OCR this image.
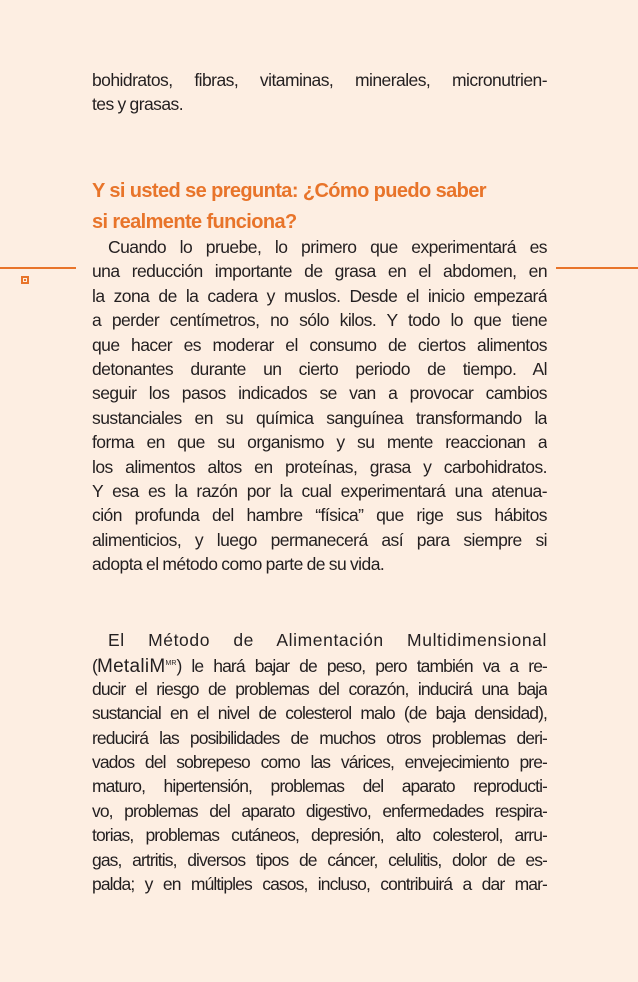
bohidratos, fibras, vitaminas, minerales, micronutrien-
tes y grasas.
Y si usted se pregunta: ¿Cómo puedo saber
si realmente funciona?
Cuando lo pruebe, lo primero que experimentará es
una reducción importante de grasa en el abdomen, en
la zona de la cadera y muslos. Desde el inicio empezará
a perder centímetros, no sólo kilos. Y todo lo que tiene
que hacer es moderar el consumo de ciertos alimentos
detonantes durante un cierto periodo de tiempo. Al
seguir los pasos indicados se van a provocar cambios
sustanciales en su química sanguínea transformando la
forma en que su organismo y su mente reaccionan a
los alimentos altos en proteínas, grasa y carbohidratos.
Y esa es la razón por la cual experimentará una atenua-
ción profunda del hambre “física” que rige sus hábitos
alimenticios, y luego permanecerá así para siempre si
adopta el método como parte de su vida.
El Método de Alimentación Multidimensional
(MetaliM$^{MR}$) le hará bajar de peso, pero también va a re-
ducir el riesgo de problemas del corazón, inducirá una baja
sustancial en el nivel de colesterol malo (de baja densidad),
reducirá las posibilidades de muchos otros problemas deri-
vados del sobrepeso como las várices, envejecimiento pre-
maturo, hipertensión, problemas del aparato reproducti-
vo, problemas del aparato digestivo, enfermedades respira-
torias, problemas cutáneos, depresión, alto colesterol, arru-
gas, artritis, diversos tipos de cáncer, celulitis, dolor de es-
palda; y en múltiples casos, incluso, contribuirá a dar mar-
